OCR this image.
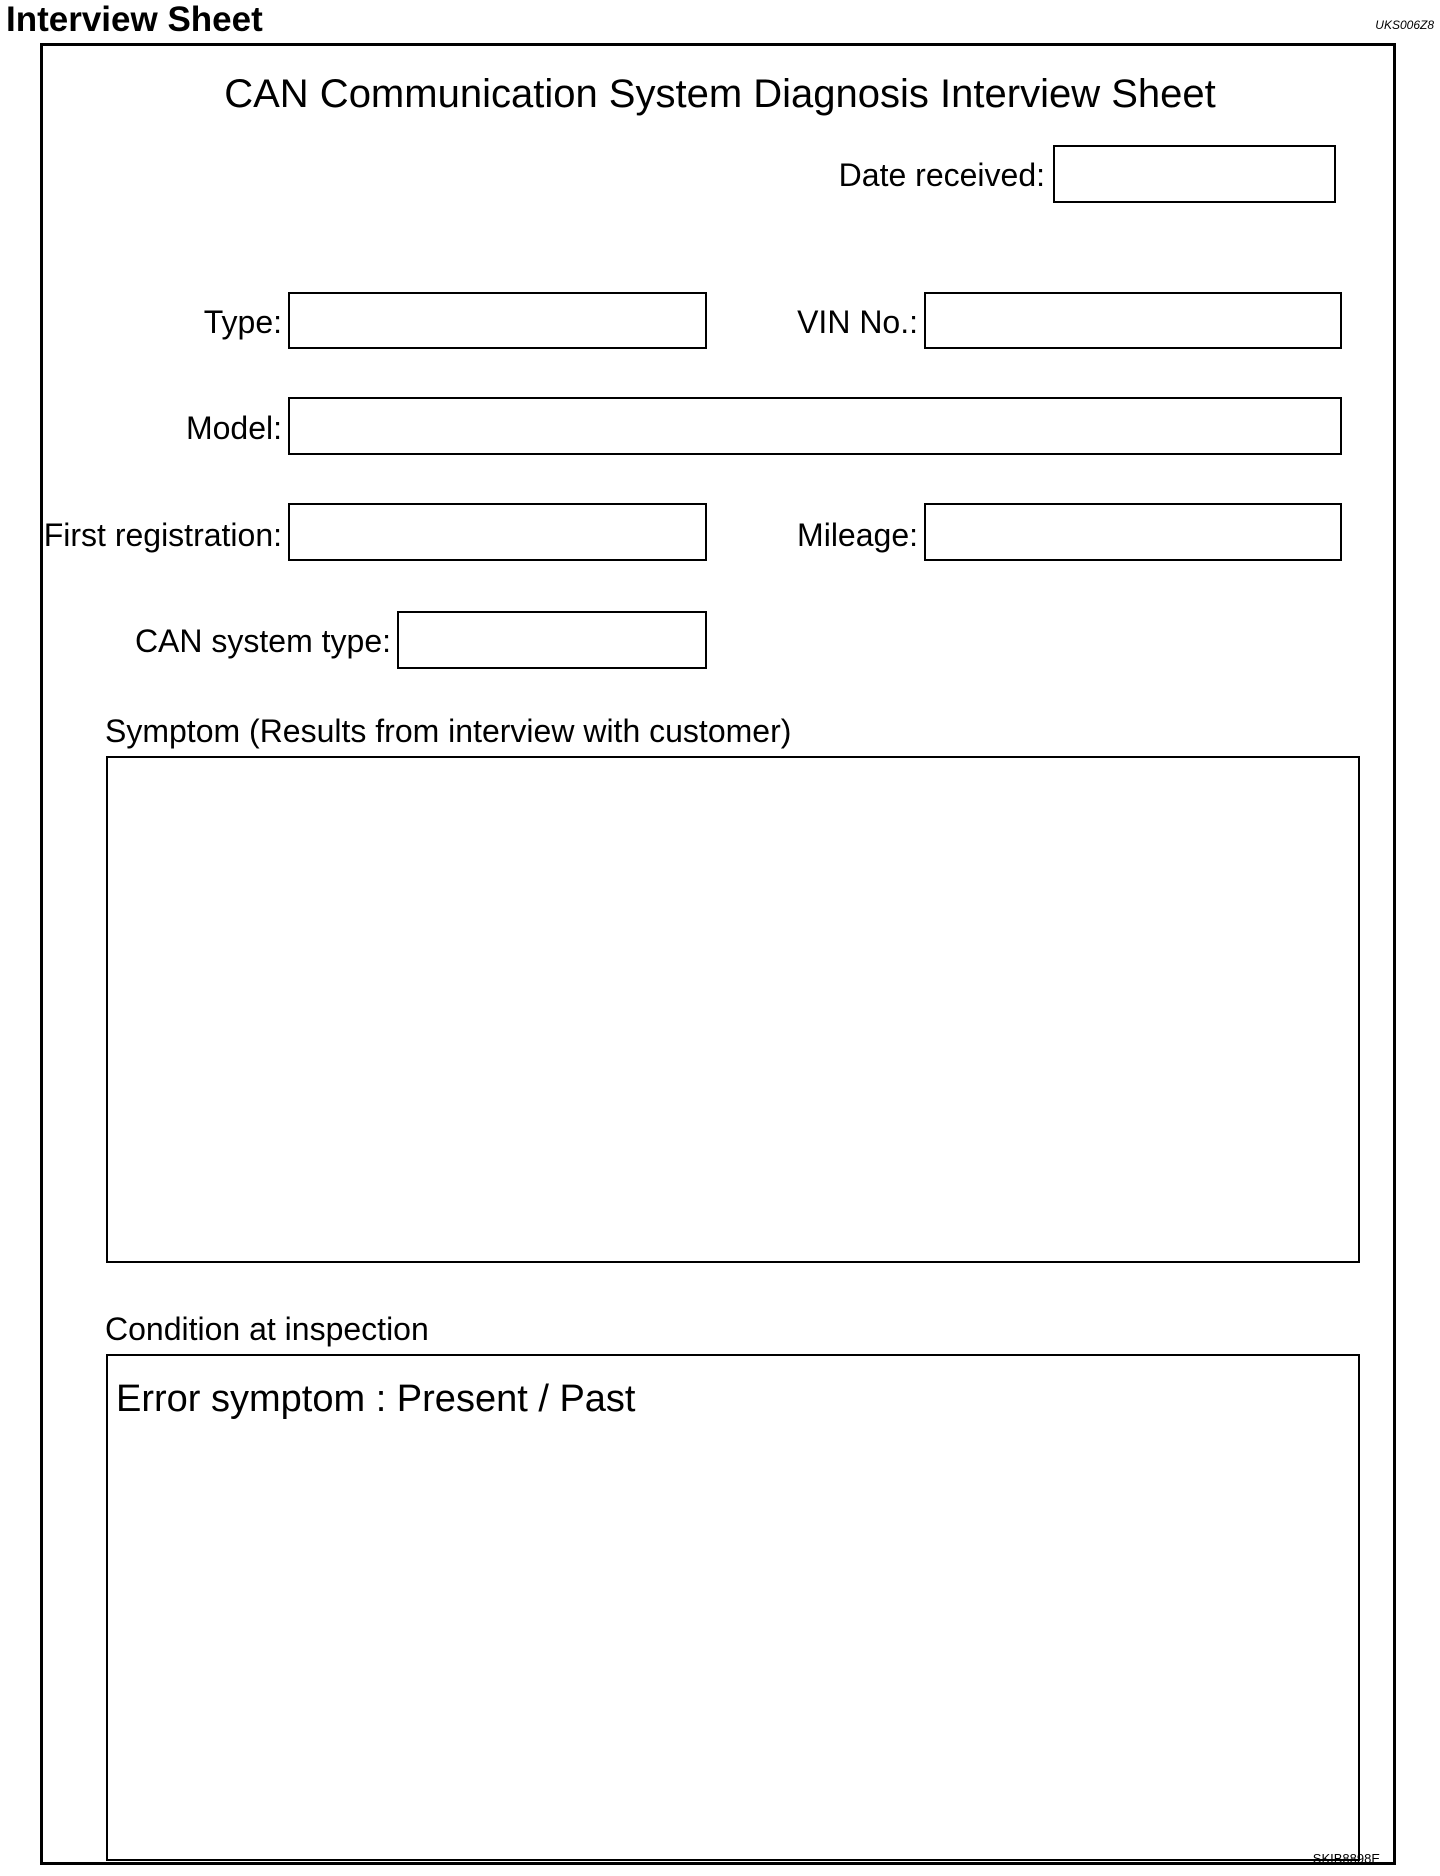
Interview Sheet	UKS006Z8
CAN Communication System Diagnosis Interview Sheet
Date received:
Type:	VIN No.:
Model:
First registration:	Mileage:
CAN system type:
Symptom (Results from interview with customer)
Condition at inspection
Error symptom : Present / Past
SKIB8898E
